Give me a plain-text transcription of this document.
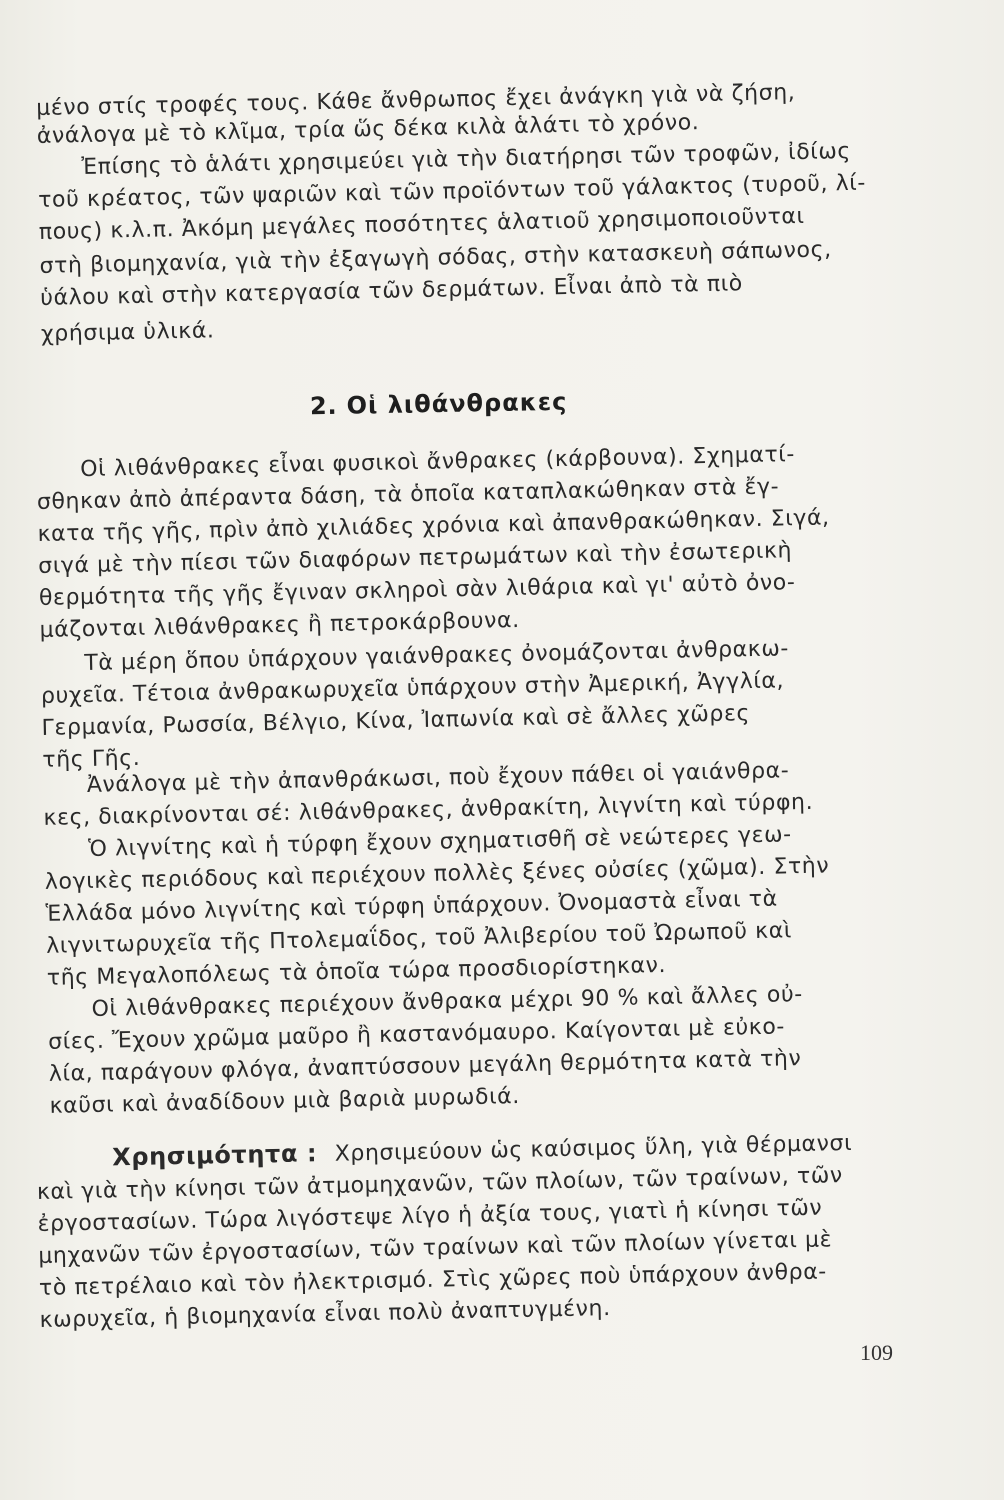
μένο στίς τροφές τους. Κάθε ἄνθρωπος ἔχει ἀνάγκη γιὰ νὰ ζήση,
ἀνάλογα μὲ τὸ κλῖμα, τρία ὥς δέκα κιλὰ ἁλάτι τὸ χρόνο.
Ἐπίσης τὸ ἁλάτι χρησιμεύει γιὰ τὴν διατήρησι τῶν τροφῶν, ἰδίως
τοῦ κρέατος, τῶν ψαριῶν καὶ τῶν προϊόντων τοῦ γάλακτος (τυροῦ, λί-
πους) κ.λ.π. Ἀκόμη μεγάλες ποσότητες ἁλατιοῦ χρησιμοποιοῦνται
στὴ βιομηχανία, γιὰ τὴν ἐξαγωγὴ σόδας, στὴν κατασκευὴ σάπωνος,
ὑάλου καὶ στὴν κατεργασία τῶν δερμάτων. Εἶναι ἀπὸ τὰ πιὸ
χρήσιμα ὑλικά.
2. Οἱ λιθάνθρακες
Οἱ λιθάνθρακες εἶναι φυσικοὶ ἄνθρακες (κάρβουνα). Σχηματί-
σθηκαν ἀπὸ ἀπέραντα δάση, τὰ ὁποῖα καταπλακώθηκαν στὰ ἔγ-
κατα τῆς γῆς, πρὶν ἀπὸ χιλιάδες χρόνια καὶ ἀπανθρακώθηκαν. Σιγά,
σιγά μὲ τὴν πίεσι τῶν διαφόρων πετρωμάτων καὶ τὴν ἐσωτερικὴ
θερμότητα τῆς γῆς ἔγιναν σκληροὶ σὰν λιθάρια καὶ γι' αὐτὸ ὀνο-
μάζονται λιθάνθρακες ἢ πετροκάρβουνα.
Τὰ μέρη ὅπου ὑπάρχουν γαιάνθρακες ὀνομάζονται ἀνθρακω-
ρυχεῖα. Τέτοια ἀνθρακωρυχεῖα ὑπάρχουν στὴν Ἀμερική, Ἀγγλία,
Γερμανία, Ρωσσία, Βέλγιο, Κίνα, Ἰαπωνία καὶ σὲ ἄλλες χῶρες
τῆς Γῆς.
Ἀνάλογα μὲ τὴν ἀπανθράκωσι, ποὺ ἔχουν πάθει οἱ γαιάνθρα-
κες, διακρίνονται σέ: λιθάνθρακες, ἀνθρακίτη, λιγνίτη καὶ τύρφη.
Ὁ λιγνίτης καὶ ἡ τύρφη ἔχουν σχηματισθῆ σὲ νεώτερες γεω-
λογικὲς περιόδους καὶ περιέχουν πολλὲς ξένες οὐσίες (χῶμα). Στὴν
Ἑλλάδα μόνο λιγνίτης καὶ τύρφη ὑπάρχουν. Ὀνομαστὰ εἶναι τὰ
λιγνιτωρυχεῖα τῆς Πτολεμαΐδος, τοῦ Ἀλιβερίου τοῦ Ὠρωποῦ καὶ
τῆς Μεγαλοπόλεως τὰ ὁποῖα τώρα προσδιορίστηκαν.
Οἱ λιθάνθρακες περιέχουν ἄνθρακα μέχρι 90 % καὶ ἄλλες οὐ-
σίες. Ἔχουν χρῶμα μαῦρο ἢ καστανόμαυρο. Καίγονται μὲ εὐκο-
λία, παράγουν φλόγα, ἀναπτύσσουν μεγάλη θερμότητα κατὰ τὴν
καῦσι καὶ ἀναδίδουν μιὰ βαριὰ μυρωδιά.
Χρησιμότητα : Χρησιμεύουν ὡς καύσιμος ὕλη, γιὰ θέρμανσι
καὶ γιὰ τὴν κίνησι τῶν ἀτμομηχανῶν, τῶν πλοίων, τῶν τραίνων, τῶν
ἐργοστασίων. Τώρα λιγόστεψε λίγο ἡ ἀξία τους, γιατὶ ἡ κίνησι τῶν
μηχανῶν τῶν ἐργοστασίων, τῶν τραίνων καὶ τῶν πλοίων γίνεται μὲ
τὸ πετρέλαιο καὶ τὸν ἠλεκτρισμό. Στὶς χῶρες ποὺ ὑπάρχουν ἀνθρα-
κωρυχεῖα, ἡ βιομηχανία εἶναι πολὺ ἀναπτυγμένη.
109
